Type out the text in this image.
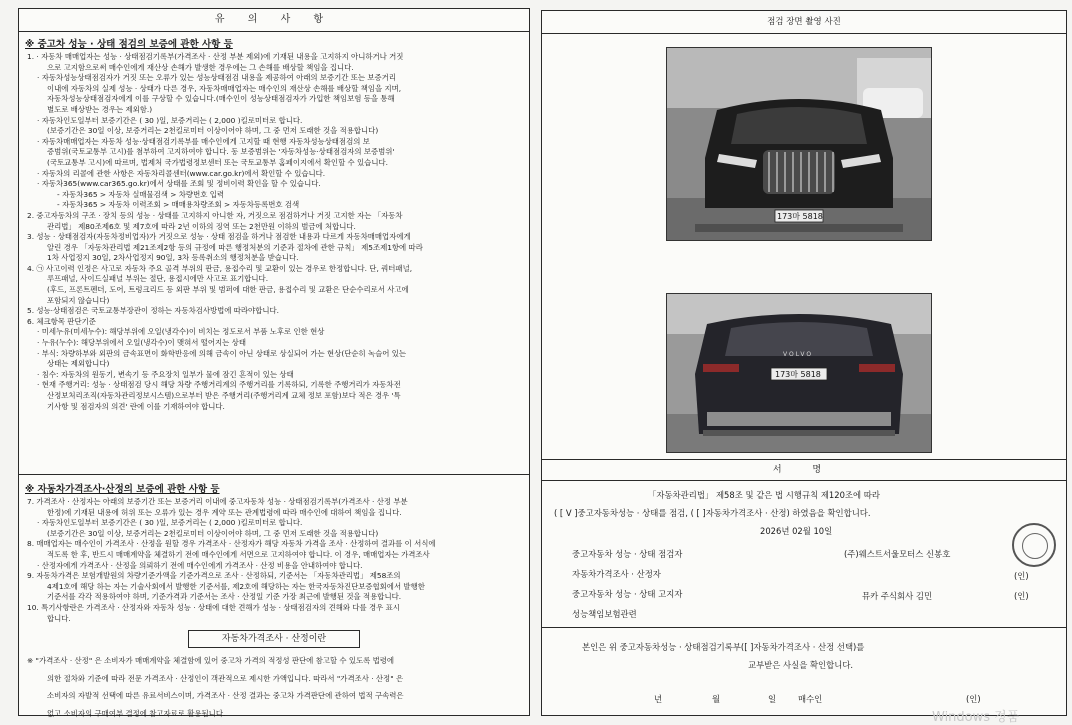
유 의 사 항
※ 중고차 성능 · 상태 점검의 보증에 관한 사항 등

1. · 자동차 매매업자는 성능 · 상태점검기록부(가격조사 · 산정 부분 제외)에 기재된 내용을 고지하지 아니하거나 거짓

으로 고지함으로써 매수인에게 재산상 손해가 발생한 경우에는 그 손해를 배상할 책임을 집니다.

· 자동차성능상태점검자가 거짓 또는 오류가 있는 성능상태점검 내용을 제공하여 아래의 보증기간 또는 보증거리

이내에 자동차의 실제 성능 · 상태가 다른 경우, 자동차매매업자는 매수인의 재산상 손해를 배상할 책임을 지며,

자동차성능상태점검자에게 이를 구상할 수 있습니다.(매수인이 성능상태점검자가 가입한 책임보험 등을 통해

별도로 배상받는 경우는 제외함.)

· 자동차인도일부터 보증기간은 ( 30 )일, 보증거리는 ( 2,000 )킬로미터로 합니다.

(보증기간은 30일 이상, 보증거리는 2천킬로미터 이상이어야 하며, 그 중 먼저 도래한 것을 적용합니다)

· 자동차매매업자는 자동차 성능·상태점검기록부를 매수인에게 고지할 때 현행 자동차성능상태점검의 보

증범위(국토교통부 고시)를 첨부하여 고지하여야 합니다. 동 보증범위는 '자동차성능·상태점검자의 보증범위'

(국토교통부 고시)에 따르며, 법제처 국가법령정보센터 또는 국토교통부 홈페이지에서 확인할 수 있습니다.

· 자동차의 리콜에 관한 사항은 자동차리콜센터(www.car.go.kr)에서 확인할 수 있습니다.

· 자동차365(www.car365.go.kr)에서 상태를 조회 및 정비이력 확인을 할 수 있습니다.

- 자동차365 > 자동차 실매물검색 > 차량번호 입력

- 자동차365 > 자동차 이력조회 > 매매용차량조회 > 자동차등록번호 검색

2. 중고자동차의 구조 · 장치 등의 성능 · 상태를 고지하지 아니한 자, 거짓으로 점검하거나 거짓 고지한 자는 「자동차

관리법」 제80조제6호 및 제7호에 따라 2년 이하의 징역 또는 2천만원 이하의 벌금에 처합니다.

3. 성능 · 상태점검자(자동차정비업자)가 거짓으로 성능 · 상태 점검을 하거나 점검한 내용과 다르게 자동차매매업자에게

알린 경우 「자동차관리법 제21조제2항 등의 규정에 따른 행정처분의 기준과 절차에 관한 규칙」 제5조제1항에 따라

1차 사업정지 30일, 2차사업정지 90일, 3차 등록취소의 행정처분을 받습니다.

4. ㉠ 사고이력 인정은 사고로 자동차 주요 골격 부위의 판금, 용접수리 및 교환이 있는 경우로 한정합니다. 단, 쿼터패널,

루프패널, 사이드실패널 부위는 절단, 용접시에만 사고로 표기합니다.

(후드, 프론트펜더, 도어, 트렁크리드 등 외판 부위 및 범퍼에 대한 판금, 용접수리 및 교환은 단순수리로서 사고에

포함되지 않습니다)

5. 성능·상태점검은 국토교통부장관이 정하는 자동차검사방법에 따라야합니다.

6. 체크항목 판단기준

· 미세누유(미세누수): 해당부위에 오일(냉각수)이 비치는 정도로서 부품 노후로 인한 현상

· 누유(누수): 해당부위에서 오일(냉각수)이 맺혀서 떨어지는 상태

· 부식: 차량하부와 외판의 금속표면이 화학반응에 의해 금속이 아닌 상태로 상실되어 가는 현상(단순히 녹슬어 있는

상태는 제외합니다)

· 침수: 자동차의 원동기, 변속기 등 주요장치 일부가 물에 잠긴 흔적이 있는 상태

· 현재 주행거리: 성능 · 상태점검 당시 해당 차량 주행거리계의 주행거리를 기록하되, 기록한 주행거리가 자동차전

산정보처리조직(자동차관리정보시스템)으로부터 받은 주행거리(주행거리계 교체 정보 포함)보다 적은 경우 '특

기사항 및 점검자의 의견' 란에 이를 기재하여야 합니다.

※ 자동차가격조사·산정의 보증에 관한 사항 등

7. 가격조사 · 산정자는 아래의 보증기간 또는 보증거리 이내에 중고자동차 성능 · 상태점검기록부(가격조사 · 산정 부분

한정)에 기재된 내용에 허위 또는 오류가 있는 경우 계약 또는 관계법령에 따라 매수인에 대하여 책임을 집니다.

· 자동차인도일부터 보증기간은 ( 30 )일, 보증거리는 ( 2,000 )킬로미터로 합니다.

(보증기간은 30일 이상, 보증거리는 2천킬로미터 이상이어야 하며, 그 중 먼저 도래한 것을 적용합니다)

8. 매매업자는 매수인이 가격조사 · 산정을 원할 경우 가격조사 · 산정자가 해당 자동차 가격을 조사 · 산정하여 결과를 이 서식에

적도록 한 후, 반드시 매매계약을 체결하기 전에 매수인에게 서면으로 고지하여야 합니다. 이 경우, 매매업자는 가격조사

· 산정자에게 가격조사 · 산정을 의뢰하기 전에 매수인에게 가격조사 · 산정 비용을 안내하여야 합니다.

9. 자동차가격은 보험개발원의 차량기준가액을 기준가격으로 조사 · 산정하되, 기준서는 「자동차관리법」 제58조의

4제1호에 해당 하는 자는 기술사회에서 발행한 기준서를, 제2호에 해당하는 자는 한국자동차진단보증협회에서 발행한

기준서를 각각 적용하여야 하며, 기준가격과 기준서는 조사 · 산정일 기준 가장 최근에 발행된 것을 적용합니다.

10. 특기사항란은 가격조사 · 산정자와 자동차 성능 · 상태에 대한 견해가 성능 · 상태점검자의 견해와 다를 경우 표시

합니다.

자동차가격조사 · 산정이란

※ "가격조사 · 산정" 은 소비자가 매매계약을 체결함에 있어 중고차 가격의 적정성 판단에 참고할 수 있도록 법령에

의한 절차와 기준에 따라 전문 가격조사 · 산정인이 객관적으로 제시한 가액입니다. 따라서 "가격조사 · 산정" 은

소비자의 자발적 선택에 따른 유료서비스이며, 가격조사 · 산정 결과는 중고차 가격판단에 관하여 법적 구속력은

없고 소비자의 구매여부 결정에 참고자료로 활용됩니다.

점검 장면 촬영 사진
173마 5818
VOLVO
173마 5818
서 명
「자동차관리법」 제58조 및 같은 법 시행규칙 제120조에 따라
( [ V ]중고자동차성능 · 상태를 점검, ( [ ]자동차가격조사 · 산정) 하였음을 확인합니다.
2026년 02월 10일
중고자동차 성능 · 상태 점검자	(주)웨스트서울모터스 신봉호
자동차가격조사 · 산정자	(인)
중고자동차 성능 · 상태 고지자	뮤카 주식회사 김민	(인)
성능책임보험관련
본인은 위 중고자동차성능 · 상태점검기록부([ ]자동차가격조사 · 산정 선택)를
교부받은 사실을 확인합니다.
년	월	일	매수인	(인)
Windows 정품
